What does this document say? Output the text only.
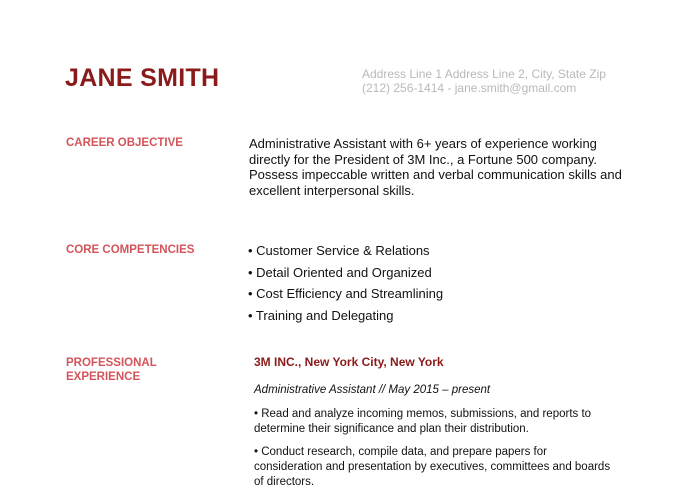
JANE SMITH	Address Line 1 Address Line 2, City, State Zip
(212) 256-1414 - jane.smith@gmail.com
CAREER OBJECTIVE	Administrative Assistant with 6+ years of experience working directly for the President of 3M Inc., a Fortune 500 company. Possess impeccable written and verbal communication skills and excellent interpersonal skills.
CORE COMPETENCIES	• Customer Service & Relations
• Detail Oriented and Organized
• Cost Efficiency and Streamlining
• Training and Delegating
PROFESSIONAL EXPERIENCE
3M INC., New York City, New York
Administrative Assistant // May 2015 – present
• Read and analyze incoming memos, submissions, and reports to determine their significance and plan their distribution.
• Conduct research, compile data, and prepare papers for consideration and presentation by executives, committees and boards of directors.
